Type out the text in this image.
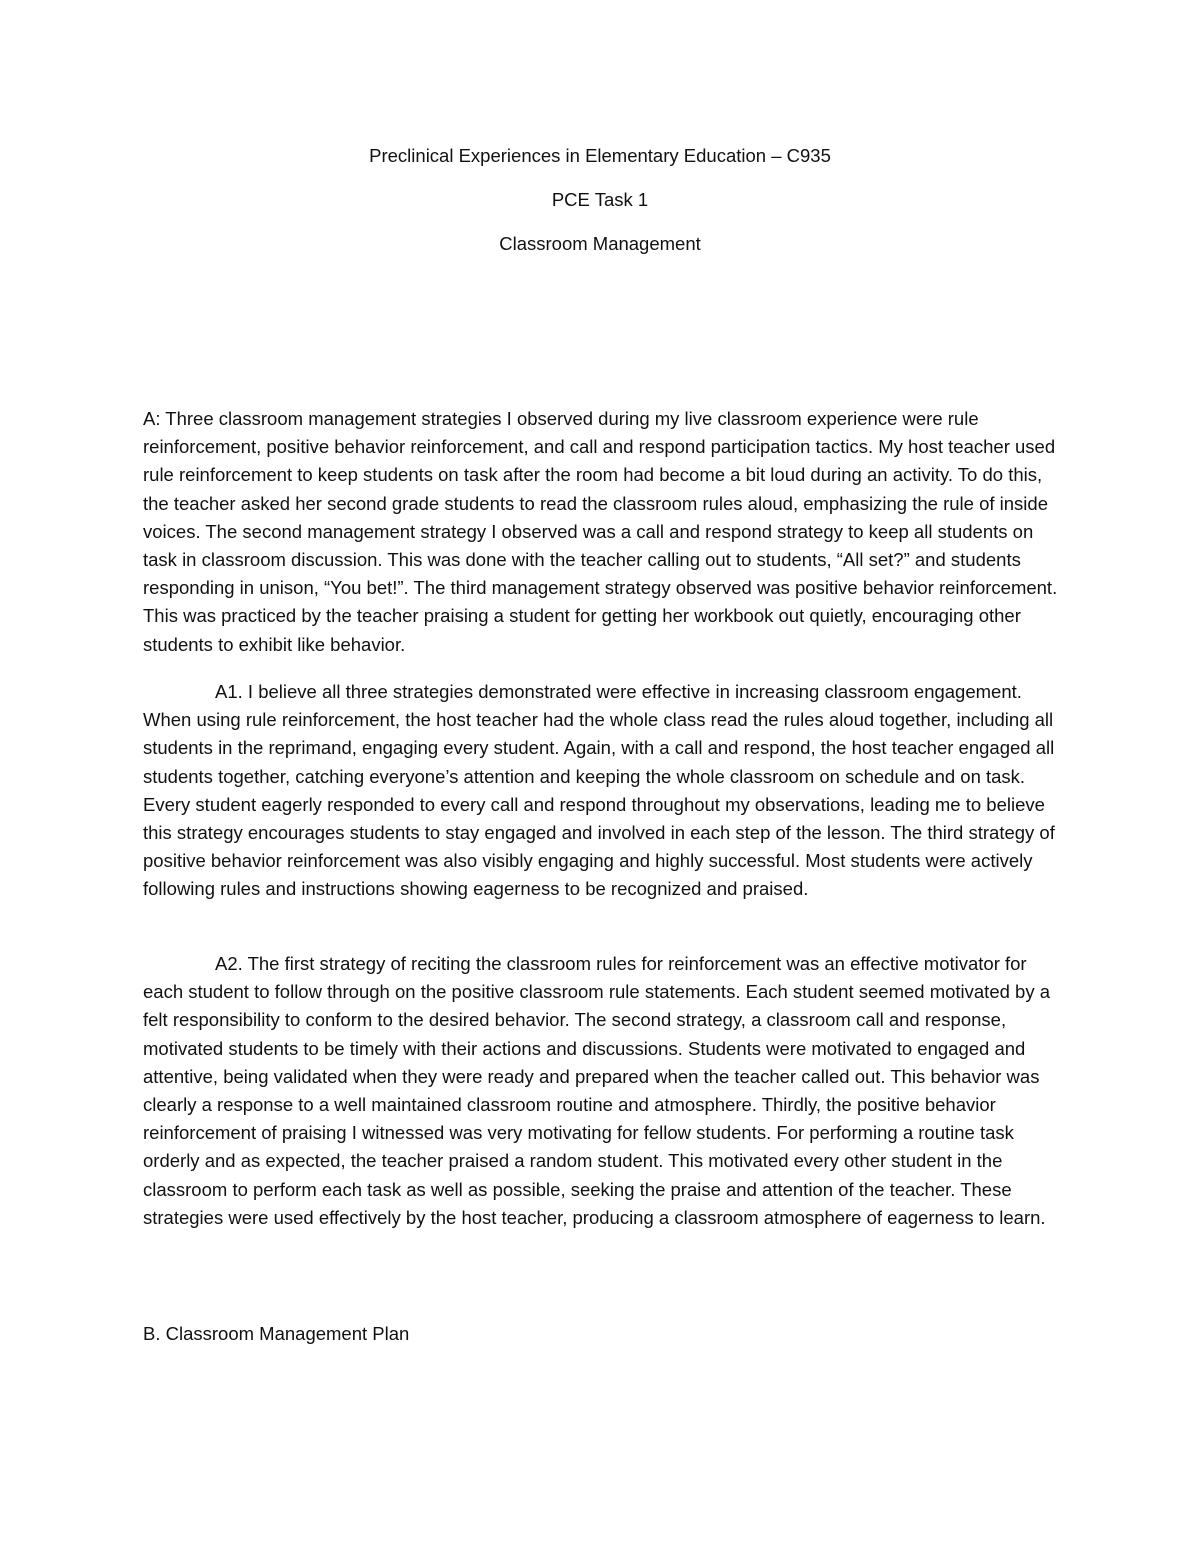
Preclinical Experiences in Elementary Education – C935

PCE Task 1

Classroom Management

A: Three classroom management strategies I observed during my live classroom experience were rule reinforcement, positive behavior reinforcement, and call and respond participation tactics. My host teacher used rule reinforcement to keep students on task after the room had become a bit loud during an activity. To do this, the teacher asked her second grade students to read the classroom rules aloud, emphasizing the rule of inside voices. The second management strategy I observed was a call and respond strategy to keep all students on task in classroom discussion. This was done with the teacher calling out to students, “All set?” and students responding in unison, “You bet!”. The third management strategy observed was positive behavior reinforcement. This was practiced by the teacher praising a student for getting her workbook out quietly, encouraging other students to exhibit like behavior.

A1. I believe all three strategies demonstrated were effective in increasing classroom engagement. When using rule reinforcement, the host teacher had the whole class read the rules aloud together, including all students in the reprimand, engaging every student. Again, with a call and respond, the host teacher engaged all students together, catching everyone’s attention and keeping the whole classroom on schedule and on task. Every student eagerly responded to every call and respond throughout my observations, leading me to believe this strategy encourages students to stay engaged and involved in each step of the lesson. The third strategy of positive behavior reinforcement was also visibly engaging and highly successful. Most students were actively following rules and instructions showing eagerness to be recognized and praised.

A2. The first strategy of reciting the classroom rules for reinforcement was an effective motivator for each student to follow through on the positive classroom rule statements. Each student seemed motivated by a felt responsibility to conform to the desired behavior. The second strategy, a classroom call and response, motivated students to be timely with their actions and discussions. Students were motivated to engaged and attentive, being validated when they were ready and prepared when the teacher called out. This behavior was clearly a response to a well maintained classroom routine and atmosphere. Thirdly, the positive behavior reinforcement of praising I witnessed was very motivating for fellow students. For performing a routine task orderly and as expected, the teacher praised a random student. This motivated every other student in the classroom to perform each task as well as possible, seeking the praise and attention of the teacher. These strategies were used effectively by the host teacher, producing a classroom atmosphere of eagerness to learn.

B. Classroom Management Plan
